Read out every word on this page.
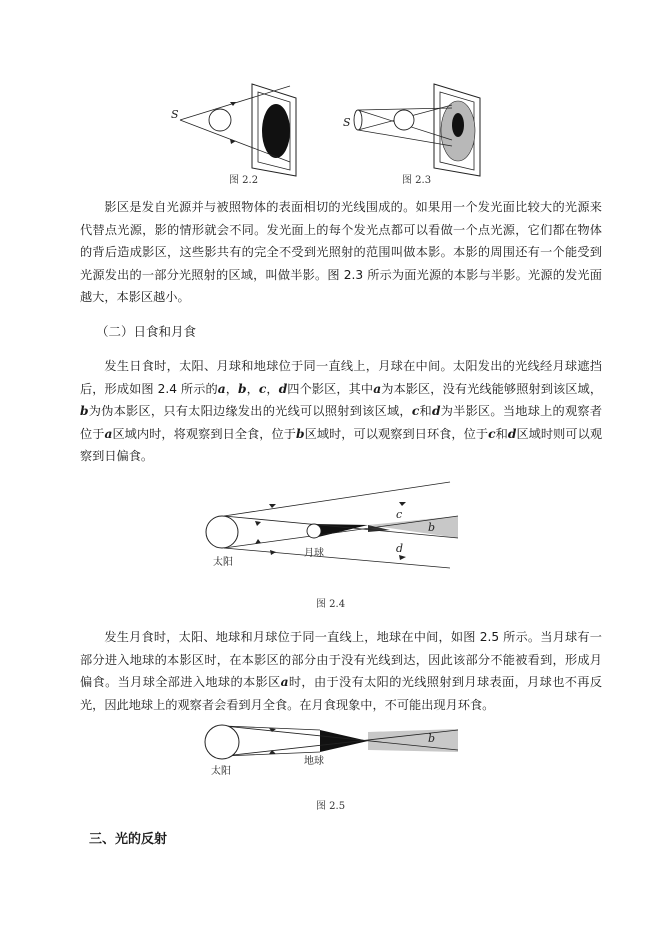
S
图 2.2
S
图 2.3

影区是发自光源并与被照物体的表面相切的光线围成的。如果用一个发光面比较大的光源来代替点光源，影的情形就会不同。发光面上的每个发光点都可以看做一个点光源，它们都在物体的背后造成影区，这些影共有的完全不受到光照射的范围叫做本影。本影的周围还有一个能受到光源发出的一部分光照射的区域，叫做半影。图 2.3 所示为面光源的本影与半影。光源的发光面越大，本影区越小。

（二）日食和月食

发生日食时，太阳、月球和地球位于同一直线上，月球在中间。太阳发出的光线经月球遮挡后，形成如图 2.4 所示的a，b，c，d四个影区，其中a为本影区，没有光线能够照射到该区域，b为伪本影区，只有太阳边缘发出的光线可以照射到该区域，c和d为半影区。当地球上的观察者位于a区域内时，将观察到日全食，位于b区域时，可以观察到日环食，位于c和d区域时则可以观察到日偏食。

太阳
月球
c
b
d
图 2.4

发生月食时，太阳、地球和月球位于同一直线上，地球在中间，如图 2.5 所示。当月球有一部分进入地球的本影区时，在本影区的部分由于没有光线到达，因此该部分不能被看到，形成月偏食。当月球全部进入地球的本影区a时，由于没有太阳的光线照射到月球表面，月球也不再反光，因此地球上的观察者会看到月全食。在月食现象中，不可能出现月环食。

太阳
地球
b
图 2.5
三、光的反射
